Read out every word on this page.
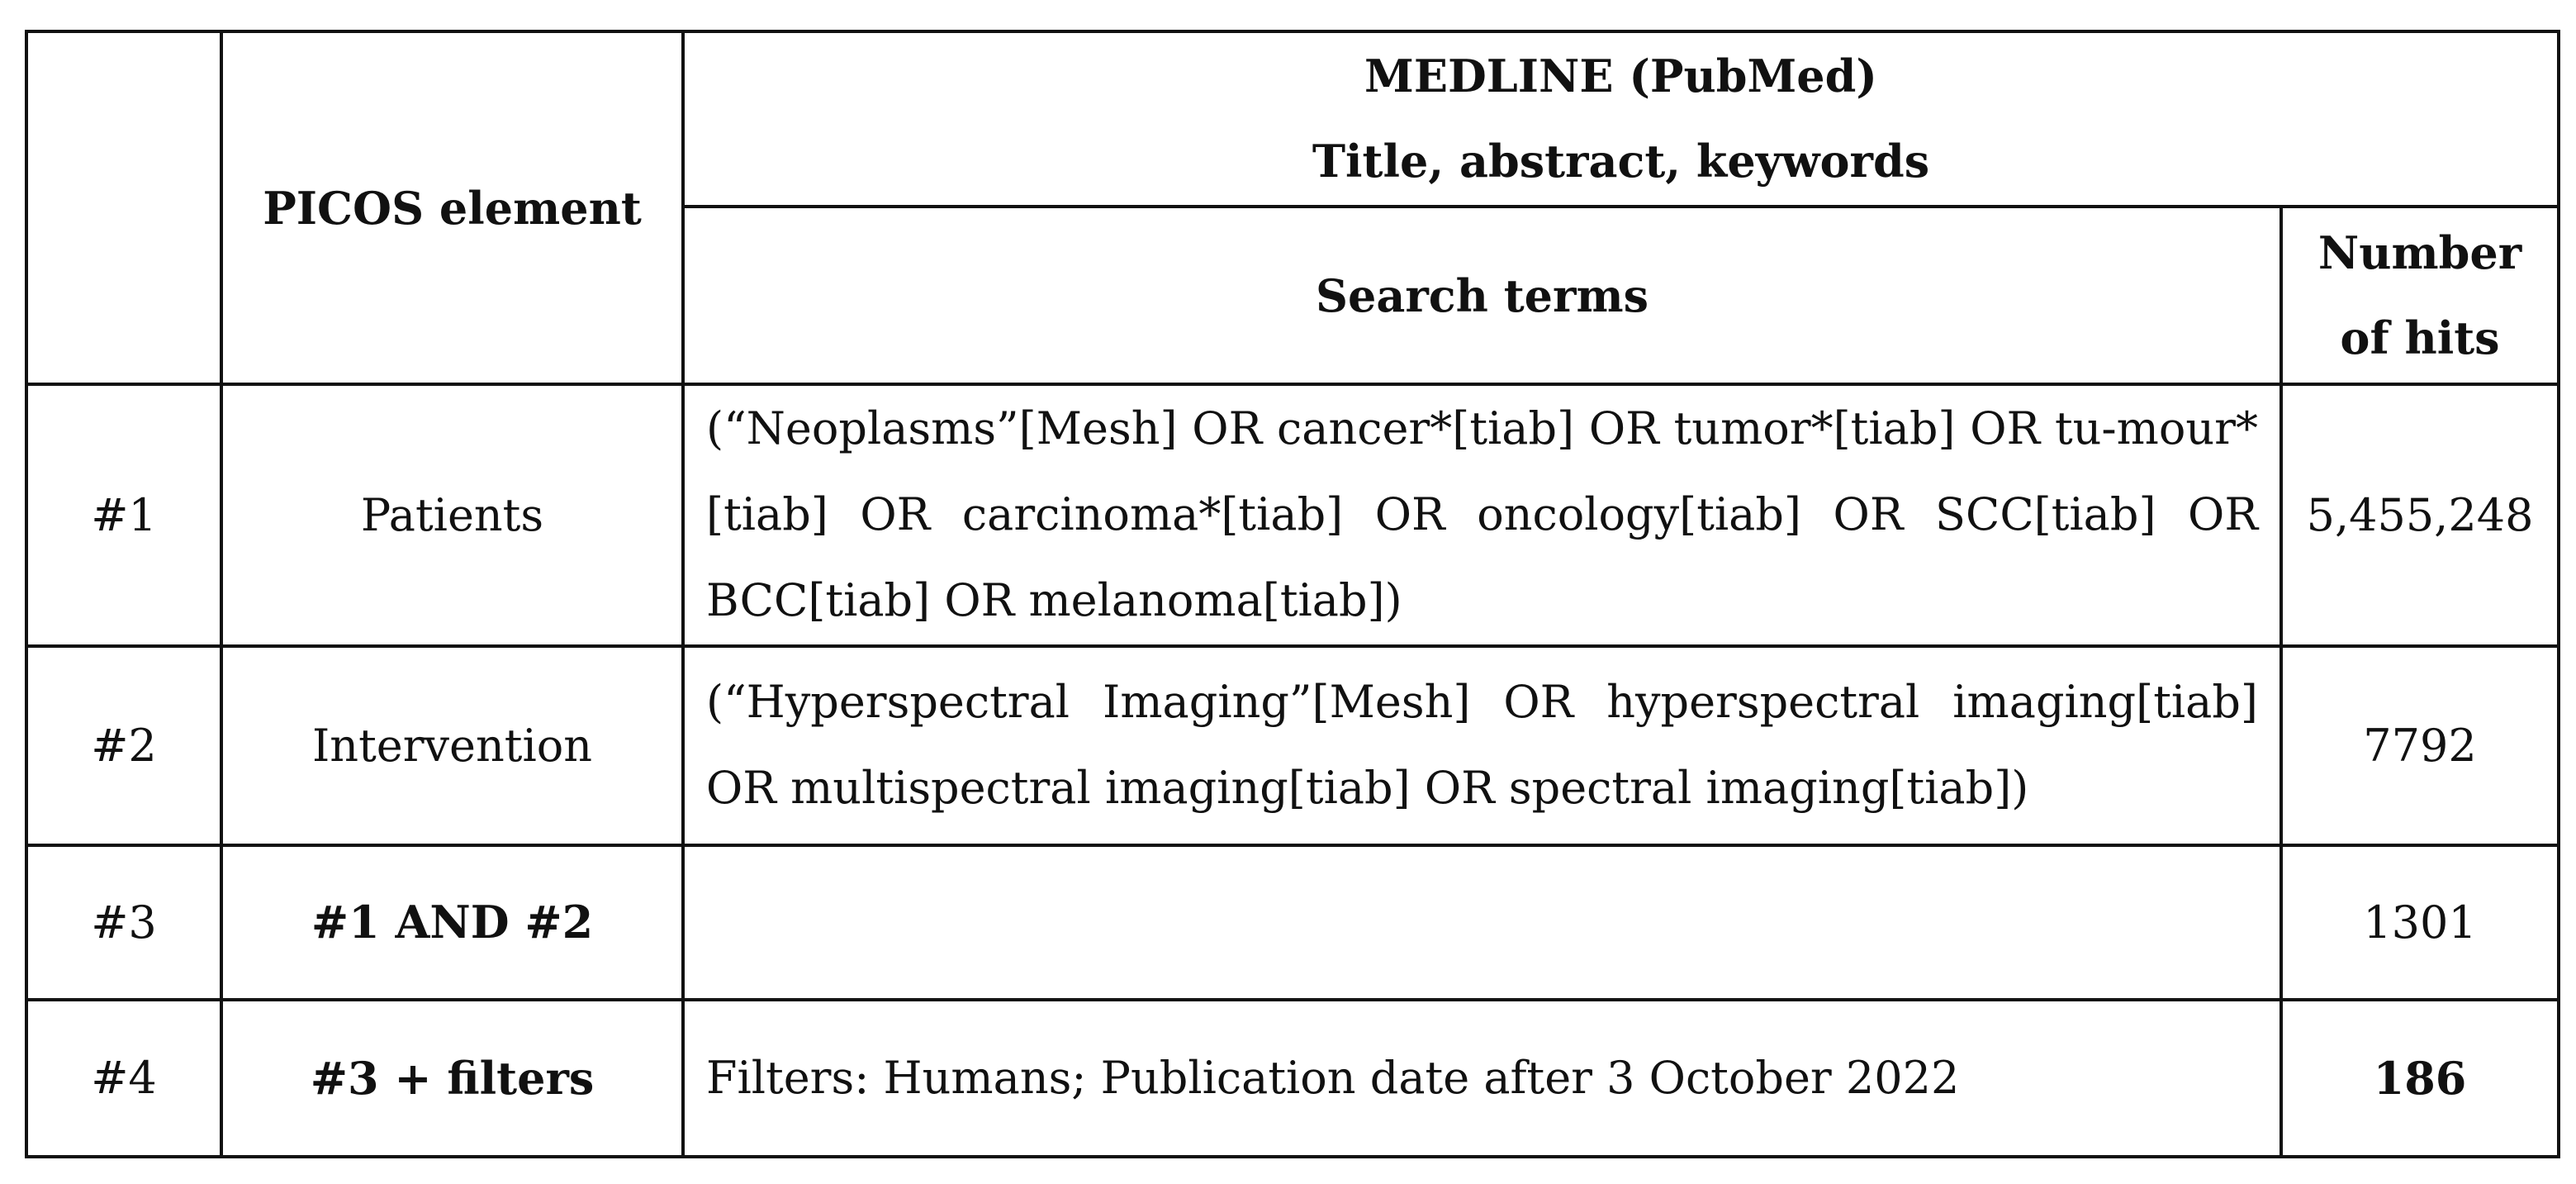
	PICOS element	MEDLINE (PubMed)
Title, abstract, keywords	

		Search terms	Number
of hits

#1	Patients	(“Neoplasms”[Mesh] OR cancer*[tiab] OR tumor*[tiab] OR tu-mour*[tiab] OR carcinoma*[tiab] OR oncology[tiab] OR SCC[tiab] OR BCC[tiab] OR melanoma[tiab])	5,455,248
#2	Intervention	(“Hyperspectral Imaging”[Mesh] OR hyperspectral imaging[tiab] OR multispectral imaging[tiab] OR spectral imaging[tiab])	7792
#3	#1 AND #2		1301
#4	#3 + filters	Filters: Humans; Publication date after 3 October 2022	186
